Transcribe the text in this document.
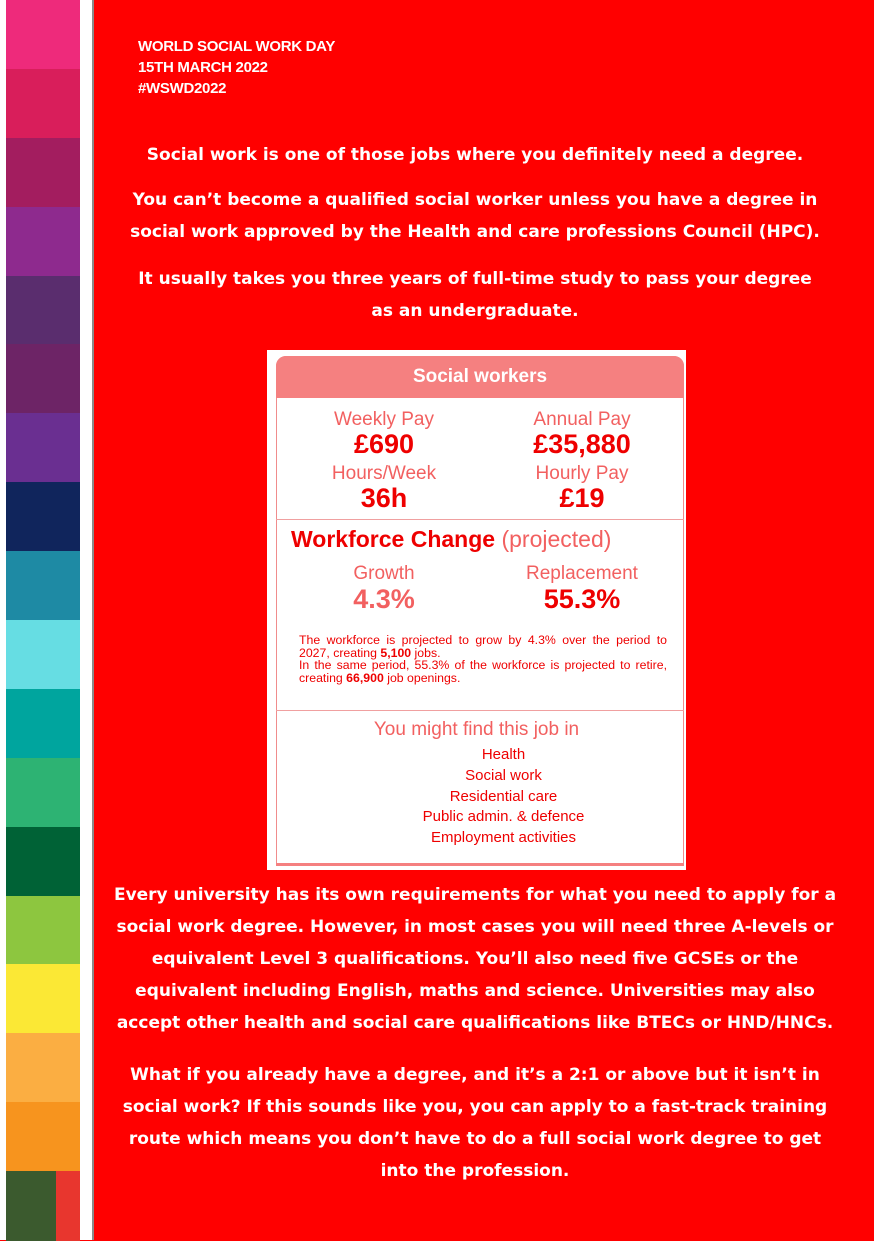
WORLD SOCIAL WORK DAY
15TH MARCH 2022
#WSWD2022
Social work is one of those jobs where you definitely need a degree.
You can’t become a qualified social worker unless you have a degree in
social work approved by the Health and care professions Council (HPC).
It usually takes you three years of full-time study to pass your degree
as an undergraduate.
Social workers
Weekly Pay
£690
Annual Pay
£35,880
Hours/Week
36h
Hourly Pay
£19
Workforce Change (projected)
Growth
4.3%
Replacement
55.3%
The workforce is projected to grow by 4.3% over the period to 2027, creating 5,100 jobs.
In the same period, 55.3% of the workforce is projected to retire, creating 66,900 job openings.
You might find this job in
Health
Social work
Residential care
Public admin. & defence
Employment activities
Every university has its own requirements for what you need to apply for a
social work degree. However, in most cases you will need three A-levels or
equivalent Level 3 qualifications. You’ll also need five GCSEs or the
equivalent including English, maths and science. Universities may also
accept other health and social care qualifications like BTECs or HND/HNCs.
What if you already have a degree, and it’s a 2:1 or above but it isn’t in
social work? If this sounds like you, you can apply to a fast-track training
route which means you don’t have to do a full social work degree to get
into the profession.
